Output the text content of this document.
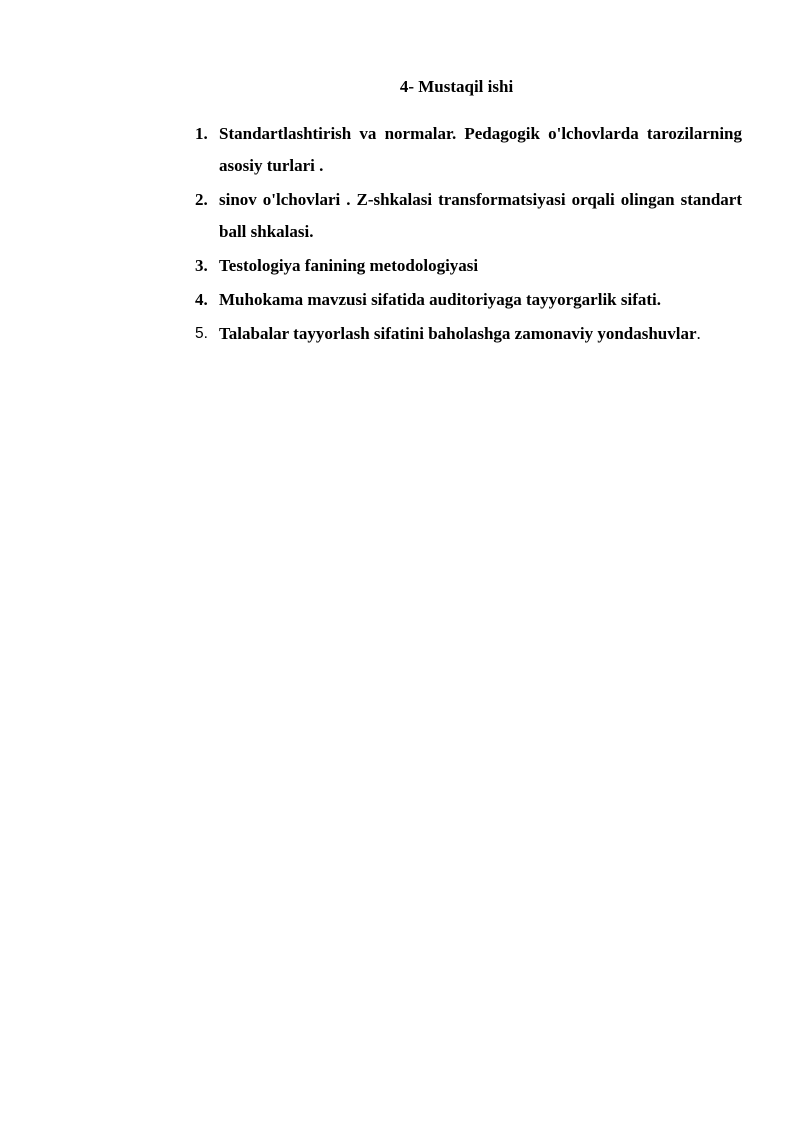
4- Mustaqil ishi
1. Standartlashtirish va normalar. Pedagogik o'lchovlarda tarozilarning asosiy turlari .
2. sinov o'lchovlari . Z-shkalasi transformatsiyasi orqali olingan standart ball shkalasi.
3. Testologiya fanining metodologiyasi
4. Muhokama mavzusi sifatida auditoriyaga tayyorgarlik sifati.
5. Talabalar tayyorlash sifatini baholashga zamonaviy yondashuvlar.
